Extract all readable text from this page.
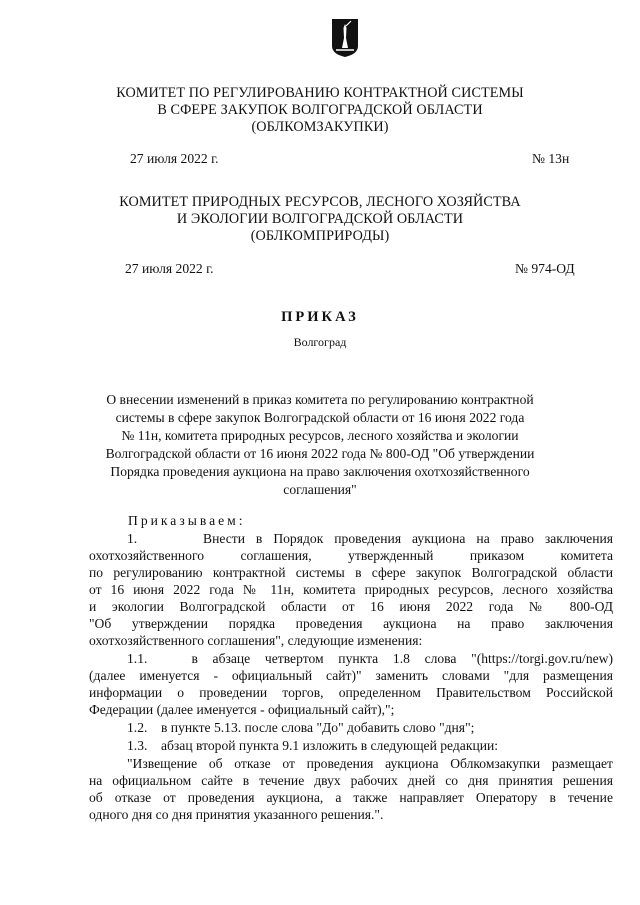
КОМИТЕТ ПО РЕГУЛИРОВАНИЮ КОНТРАКТНОЙ СИСТЕМЫ
В СФЕРЕ ЗАКУПОК ВОЛГОГРАДСКОЙ ОБЛАСТИ
(ОБЛКОМЗАКУПКИ)
27 июля 2022 г.	№ 13н
КОМИТЕТ ПРИРОДНЫХ РЕСУРСОВ, ЛЕСНОГО ХОЗЯЙСТВА
И ЭКОЛОГИИ ВОЛГОГРАДСКОЙ ОБЛАСТИ
(ОБЛКОМПРИРОДЫ)
27 июля 2022 г.	№ 974-ОД
ПРИКАЗ
Волгоград
О внесении изменений в приказ комитета по регулированию контрактной
системы в сфере закупок Волгоградской области от 16 июня 2022 года
№ 11н, комитета природных ресурсов, лесного хозяйства и экологии
Волгоградской области от 16 июня 2022 года № 800-ОД "Об утверждении
Порядка проведения аукциона на право заключения охотхозяйственного
соглашения"
Приказываем:
1.      Внести в Порядок проведения аукциона на право заключения
охотхозяйственного      соглашения,      утвержденный      приказом      комитета
по регулированию контрактной системы в сфере закупок Волгоградской области
от 16 июня 2022 года № 11н, комитета природных ресурсов, лесного хозяйства
и экологии Волгоградской области от 16 июня 2022 года № 800-ОД
"Об утверждении порядка проведения аукциона на право заключения
охотхозяйственного соглашения", следующие изменения:
1.1.   в абзаце четвертом пункта 1.8 слова "(https://torgi.gov.ru/new)
(далее именуется - официальный сайт)" заменить словами "для размещения
информации о проведении торгов, определенном Правительством Российской
Федерации (далее именуется - официальный сайт),";
1.2.    в пункте 5.13. после слова "До" добавить слово "дня";
1.3.    абзац второй пункта 9.1 изложить в следующей редакции:
"Извещение об отказе от проведения аукциона Облкомзакупки размещает
на официальном сайте в течение двух рабочих дней со дня принятия решения
об отказе от проведения аукциона, а также направляет Оператору в течение
одного дня со дня принятия указанного решения.".
